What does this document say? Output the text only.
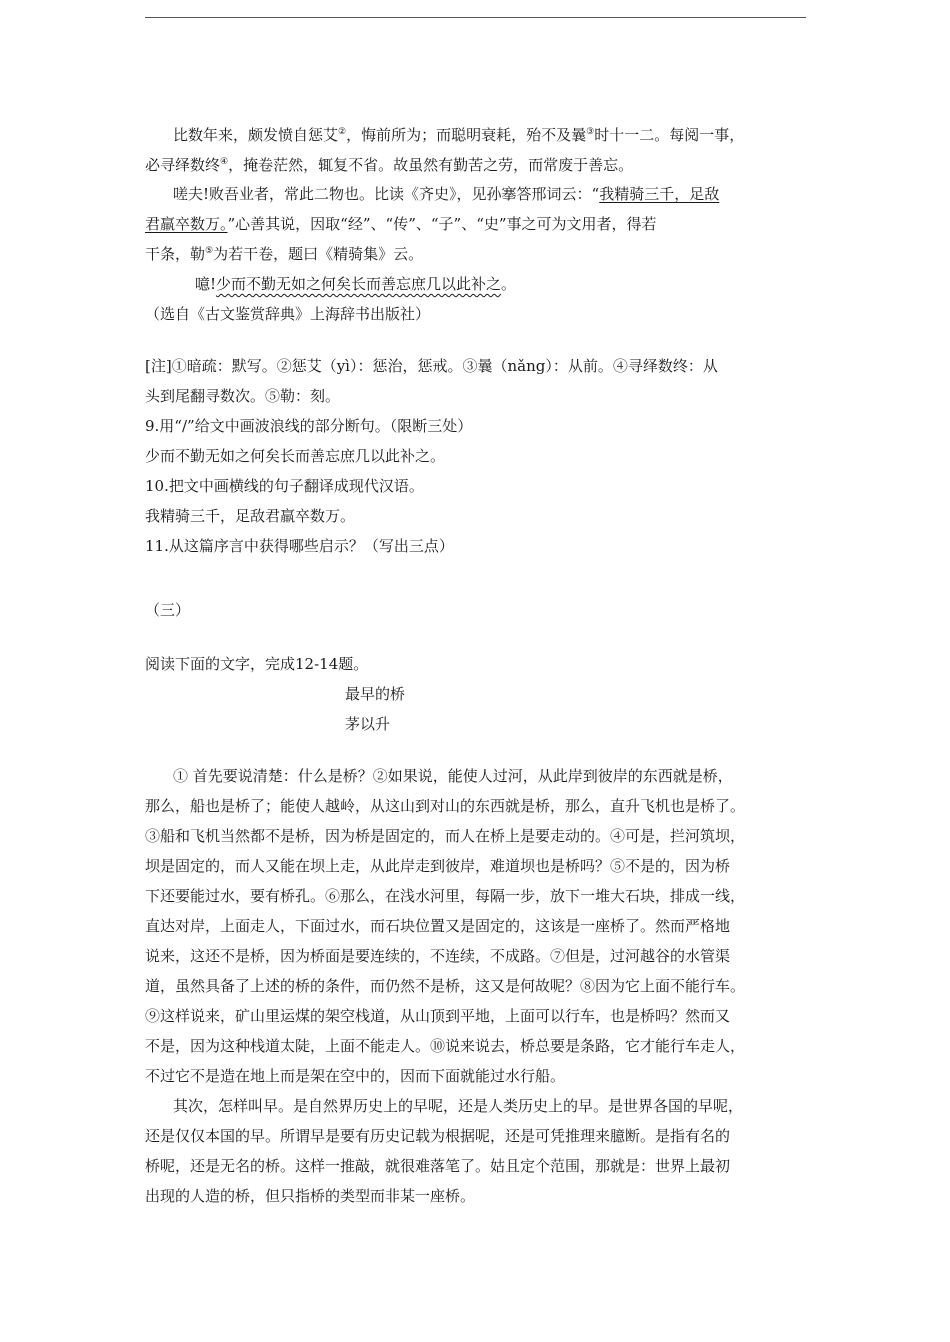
比数年来，颇发愤自惩艾②，悔前所为；而聪明衰耗，殆不及曩③时十一二。每阅一事，
必寻绎数终④，掩卷茫然，辄复不省。故虽然有勤苦之劳，而常废于善忘。
嗟夫!败吾业者，常此二物也。比读《齐史》，见孙搴答邢词云：“我精骑三千，足敌
君羸卒数万。”心善其说，因取“经”、“传”、“子”、“史”事之可为文用者，得若
干条，勒⑤为若干卷，题曰《精骑集》云。
噫!少而不勤无如之何矣长而善忘庶几以此补之。
（选自《古文鉴赏辞典》上海辞书出版社）
[注]①暗疏：默写。②惩艾（yì）：惩治，惩戒。③曩（nǎng）：从前。④寻绎数终：从
头到尾翻寻数次。⑤勒：刻。
9.用“/”给文中画波浪线的部分断句。（限断三处）
少而不勤无如之何矣长而善忘庶几以此补之。
10.把文中画横线的句子翻译成现代汉语。
我精骑三千，足敌君羸卒数万。
11.从这篇序言中获得哪些启示？（写出三点）
（三）
阅读下面的文字，完成12-14题。
最早的桥
茅以升
① 首先要说清楚：什么是桥？②如果说，能使人过河，从此岸到彼岸的东西就是桥，
那么，船也是桥了；能使人越岭，从这山到对山的东西就是桥，那么，直升飞机也是桥了。
③船和飞机当然都不是桥，因为桥是固定的，而人在桥上是要走动的。④可是，拦河筑坝，
坝是固定的，而人又能在坝上走，从此岸走到彼岸，难道坝也是桥吗？⑤不是的，因为桥
下还要能过水，要有桥孔。⑥那么，在浅水河里，每隔一步，放下一堆大石块，排成一线，
直达对岸，上面走人，下面过水，而石块位置又是固定的，这该是一座桥了。然而严格地
说来，这还不是桥，因为桥面是要连续的，不连续，不成路。⑦但是，过河越谷的水管渠
道，虽然具备了上述的桥的条件，而仍然不是桥，这又是何故呢？⑧因为它上面不能行车。
⑨这样说来，矿山里运煤的架空栈道，从山顶到平地，上面可以行车，也是桥吗？然而又
不是，因为这种栈道太陡，上面不能走人。⑩说来说去，桥总要是条路，它才能行车走人，
不过它不是造在地上而是架在空中的，因而下面就能过水行船。
其次，怎样叫早。是自然界历史上的早呢，还是人类历史上的早。是世界各国的早呢，
还是仅仅本国的早。所谓早是要有历史记载为根据呢，还是可凭推理来臆断。是指有名的
桥呢，还是无名的桥。这样一推敲，就很难落笔了。姑且定个范围，那就是：世界上最初
出现的人造的桥，但只指桥的类型而非某一座桥。
